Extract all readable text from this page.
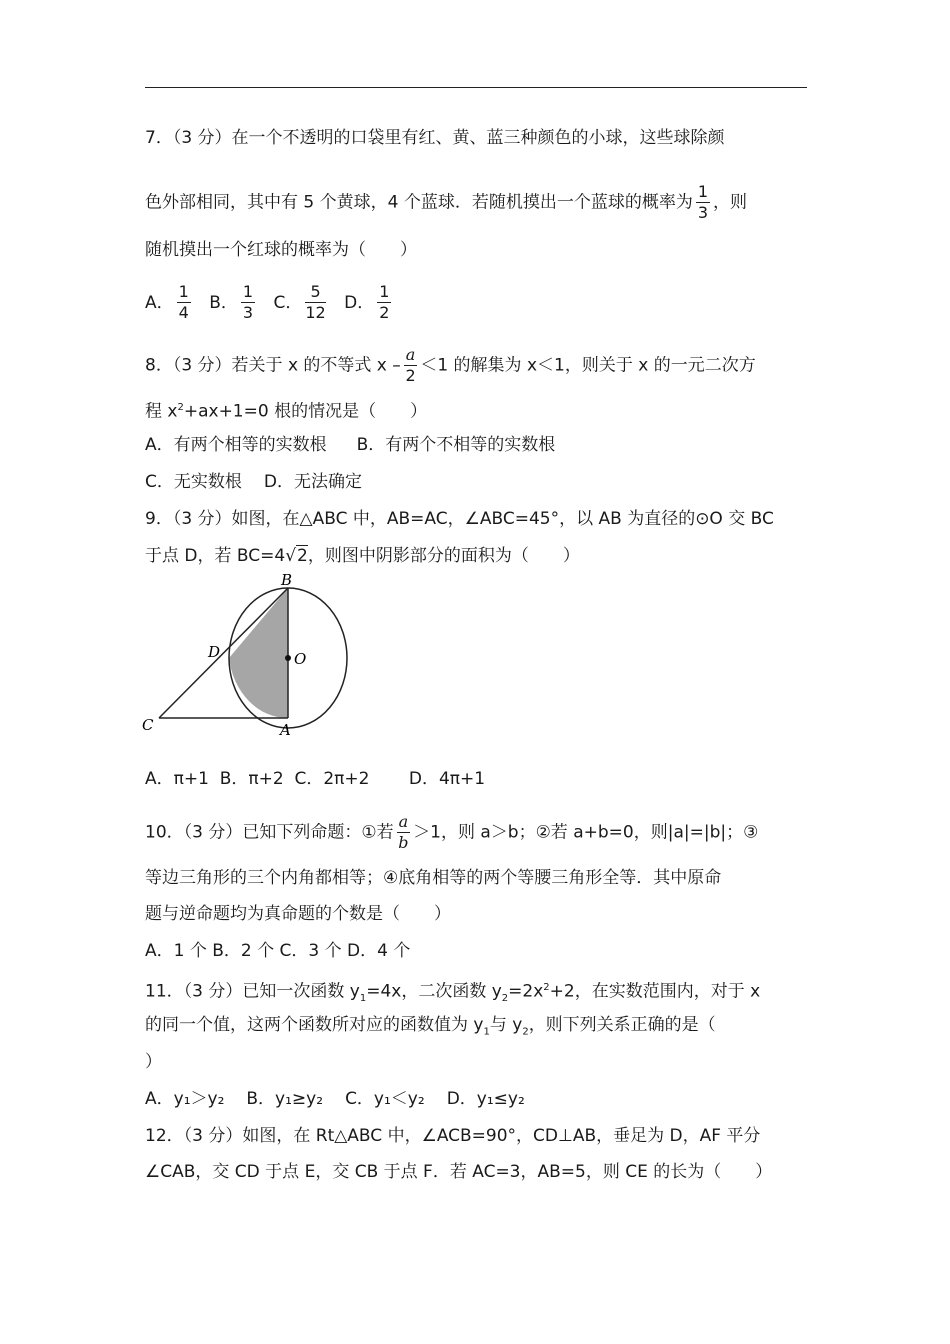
7．（3 分）在一个不透明的口袋里有红、黄、蓝三种颜色的小球，这些球除颜
色外部相同，其中有 5 个黄球，4 个蓝球．若随机摸出一个蓝球的概率为 $\frac{1}{3}$ ，则
随机摸出一个红球的概率为（　　）
A． $\frac{1}{4}$ B． $\frac{1}{3}$ C． $\frac{5}{12}$ D． $\frac{1}{2}$
8．（3 分）若关于 x 的不等式 $x - \frac{a}{2} <1$ 的解集为 x＜1，则关于 x 的一元二次方
程 $x^2+ax+1=0$ 根的情况是（　　）
A．有两个相等的实数根 B．有两个不相等的实数根
C．无实数根 D．无法确定
9．（3 分）如图，在△ABC 中，AB=AC，∠ABC=45°，以 AB 为直径的⊙O 交 BC
于点 D，若 BC=4√2，则图中阴影部分的面积为（　　）
B
D	O
C	A
A．π+1  B．π+2  C．2π+2 　　D．4π+1
10．（3 分）已知下列命题：①若 $\frac{a}{b} >1$，则 a＞b；②若 a+b=0，则|a|=|b|；③
等边三角形的三个内角都相等；④底角相等的两个等腰三角形全等．其中原命
题与逆命题均为真命题的个数是（　　）
A．1 个 B．2 个 C．3 个 D．4 个
11．（3 分）已知一次函数 $y_1=4x$，二次函数 $y_2=2x^2+2$，在实数范围内，对于 x
的同一个值，这两个函数所对应的函数值为 $y_1$与 $y_2$，则下列关系正确的是（
）
A．y₁＞y₂ B．y₁≥y₂ C．y₁＜y₂ D．y₁≤y₂
12．（3 分）如图，在 Rt△ABC 中，∠ACB=90°，CD⊥AB，垂足为 D，AF 平分
∠CAB，交 CD 于点 E，交 CB 于点 F．若 AC=3，AB=5，则 CE 的长为（　　）
